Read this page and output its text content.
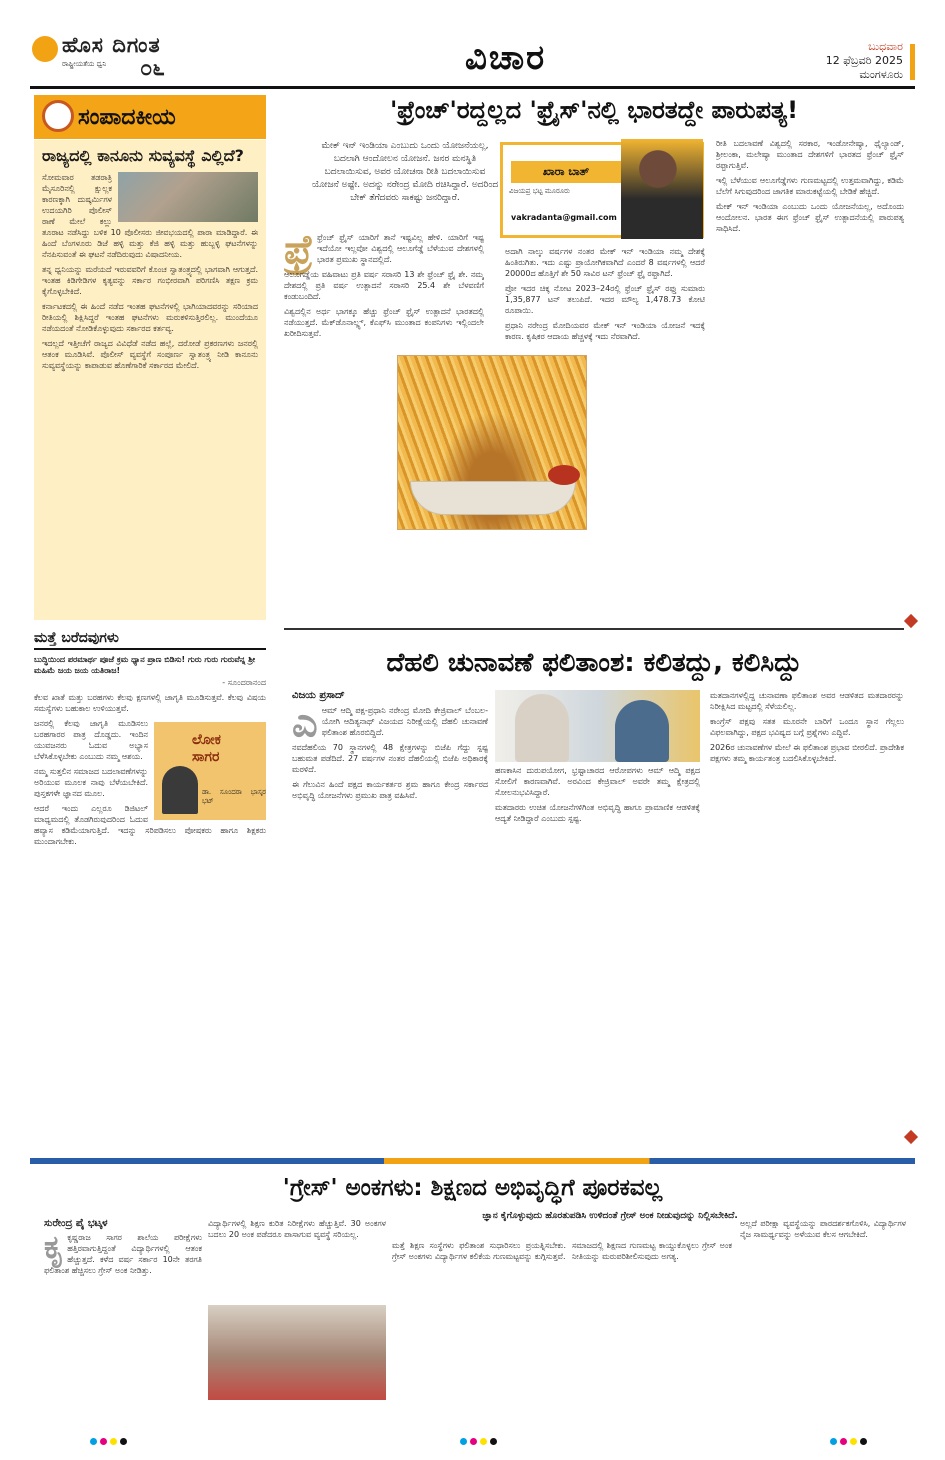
ಹೊಸ ದಿಗಂತ
ರಾಷ್ಟ್ರೀಯತೆಯ ಧ್ವನಿ ೦೬	ವಿಚಾರ	ಬುಧವಾರ
12 ಫೆಬ್ರವರಿ 2025
ಮಂಗಳೂರು
ಸಂಪಾದಕೀಯ
ರಾಜ್ಯದಲ್ಲಿ ಕಾನೂನು ಸುವ್ಯವಸ್ಥೆ ಎಲ್ಲಿದೆ?

ಸೋಮವಾರ ತಡರಾತ್ರಿ ಮೈಸೂರಿನಲ್ಲಿ ಕ್ಷುಲ್ಲಕ ಕಾರಣಕ್ಕಾಗಿ ದುಷ್ಕರ್ಮಿಗಳ ಉದಯಗಿರಿ ಪೊಲೀಸ್ ಠಾಣೆ ಮೇಲೆ ಕಲ್ಲು ತೂರಾಟ ನಡೆಸಿದ್ದು ಬಳಿಕ 10 ಪೊಲೀಸರು ಜೀವಭಯದಲ್ಲಿ ಪಾರಾ ಮಾಡಿದ್ದಾರೆ. ಈ ಹಿಂದೆ ಬೆಂಗಳೂರು ಡಿಜೆ ಹಳ್ಳಿ ಮತ್ತು ಕೆಜಿ ಹಳ್ಳಿ ಮತ್ತು ಹುಬ್ಬಳ್ಳಿ ಘಟನೆಗಳನ್ನು ನೆನಪಿಸುವಂತೆ ಈ ಘಟನೆ ನಡೆದಿರುವುದು ವಿಷಾದನೀಯ.

ತನ್ನ ಧ್ವನಿಯನ್ನು ಮರೆಯದೆ ಇರುವವರಿಗೆ ಕೊಂಚ ಸ್ವಾತಂತ್ರ್ಯದಲ್ಲಿ ಭಾಗವಾಗಿ ಆಗುತ್ತದೆ. ಇಂತಹ ಕಿಡಿಗೇಡಿಗಳ ಕೃತ್ಯವನ್ನು ಸರ್ಕಾರ ಗಂಭೀರವಾಗಿ ಪರಿಗಣಿಸಿ ತಕ್ಷಣ ಕ್ರಮ ಕೈಗೊಳ್ಳಬೇಕಿದೆ.

ಕರ್ನಾಟಕದಲ್ಲಿ ಈ ಹಿಂದೆ ನಡೆದ ಇಂತಹ ಘಟನೆಗಳಲ್ಲಿ ಭಾಗಿಯಾದವರನ್ನು ಸರಿಯಾದ ರೀತಿಯಲ್ಲಿ ಶಿಕ್ಷಿಸಿದ್ದರೆ ಇಂತಹ ಘಟನೆಗಳು ಮರುಕಳಿಸುತ್ತಿರಲಿಲ್ಲ. ಮುಂದೆಯೂ ನಡೆಯದಂತೆ ನೋಡಿಕೊಳ್ಳುವುದು ಸರ್ಕಾರದ ಕರ್ತವ್ಯ.

ಇದಲ್ಲದೆ ಇತ್ತೀಚೆಗೆ ರಾಜ್ಯದ ವಿವಿಧೆಡೆ ನಡೆದ ಹಲ್ಲೆ, ದರೋಡೆ ಪ್ರಕರಣಗಳು ಜನರಲ್ಲಿ ಆತಂಕ ಮೂಡಿಸಿವೆ. ಪೊಲೀಸ್ ವ್ಯವಸ್ಥೆಗೆ ಸಂಪೂರ್ಣ ಸ್ವಾತಂತ್ರ್ಯ ನೀಡಿ ಕಾನೂನು ಸುವ್ಯವಸ್ಥೆಯನ್ನು ಕಾಪಾಡುವ ಹೊಣೆಗಾರಿಕೆ ಸರ್ಕಾರದ ಮೇಲಿದೆ.

ಮತ್ತೆ ಬರೆದವುಗಳು
ಬುದ್ಧಿಯಿಂದ ಪರಮಾರ್ಥ ಪೂಜೆ ಕ್ರಮ ಧ್ಯಾನ ಪ್ರಾಣ ಬಿಡಿಸು! ಗುರು ಗುರು ಗುರುವೆನ್ನ ಶ್ರೀ ಮಹಿಮೆ ಜಯ ಜಯ ಯತಿರಾಜ!
- ಸೂಂದರಾನಂದ

ಕೆಲವ ಖಾತೆ ಮತ್ತು ಬರಹಗಳು ಕೆಲವು ಕ್ಷಣಗಳಲ್ಲಿ ಜಾಗೃತಿ ಮೂಡಿಸುತ್ತವೆ. ಕೆಲವು ವಿಷಯ ಸಮಸ್ಯೆಗಳು ಬಹುಕಾಲ ಉಳಿಯುತ್ತವೆ.

ಲೋಕ
ಸಾಗರ
ಡಾ. ಸೂಂದರಾ ಭಾಸ್ಕರ ಭಟ್

ಜನರಲ್ಲಿ ಕೆಲವು ಜಾಗೃತಿ ಮೂಡಿಸಲು ಬರಹಗಾರರ ಪಾತ್ರ ದೊಡ್ಡದು. ಇಂದಿನ ಯುವಜನರು ಓದುವ ಅಭ್ಯಾಸ ಬೆಳೆಸಿಕೊಳ್ಳಬೇಕು ಎಂಬುದು ನಮ್ಮ ಆಶಯ.

ನಮ್ಮ ಸುತ್ತಲಿನ ಸಮಾಜದ ಬದಲಾವಣೆಗಳನ್ನು ಅರಿಯುವ ಮೂಲಕ ನಾವು ಬೆಳೆಯಬೇಕಿದೆ. ಪುಸ್ತಕಗಳೇ ಜ್ಞಾನದ ಮೂಲ.

ಆದರೆ ಇಂದು ಎಲ್ಲರೂ ಡಿಜಿಟಲ್ ಮಾಧ್ಯಮದಲ್ಲಿ ತೊಡಗಿರುವುದರಿಂದ ಓದುವ ಹವ್ಯಾಸ ಕಡಿಮೆಯಾಗುತ್ತಿದೆ. ಇದನ್ನು ಸರಿಪಡಿಸಲು ಪೋಷಕರು ಹಾಗೂ ಶಿಕ್ಷಕರು ಮುಂದಾಗಬೇಕು.

'ಫ್ರೆಂಚ್'ರದ್ದಲ್ಲದ 'ಫ್ರೈಸ್'ನಲ್ಲಿ ಭಾರತದ್ದೇ ಪಾರುಪತ್ಯ!
ಮೇಕ್ ಇನ್ ಇಂಡಿಯಾ ಎಂಬುದು ಒಂದು ಯೋಜನೆಯಲ್ಲ, ಬದಲಾಗಿ ಆಂದೋಲನ ಯೋಜನೆ. ಜನರ ಮನಸ್ಥಿತಿ ಬದಲಾಯಿಸುವ, ಅವರ ಯೋಚನಾ ರೀತಿ ಬದಲಾಯಿಸುವ ಯೋಜನೆ ಅಷ್ಟೇ. ಅದನ್ನು ನರೇಂದ್ರ ಮೋದಿ ರಚಿಸಿದ್ದಾರೆ. ಅದರಿಂದ ಬೇಕ್ ತೆಗೆದವರು ಸಾಕಷ್ಟು ಜನರಿದ್ದಾರೆ.
ಖಾರಾ ಬಾತ್
ವಿಜಯಪ್ರ ಭಟ್ಟ ಮೂರೂರು
vakradanta@gmail.com
ಫ್ರೆ ಫ್ರೆಂಚ್ ಫ್ರೈಸ್ ಯಾರಿಗೆ ತಾನೆ ಇಷ್ಟವಿಲ್ಲ ಹೇಳಿ. ಯಾರಿಗೆ ಇಷ್ಟ ಇದೆಯೋ ಇಲ್ಲವೋ ವಿಶ್ವದಲ್ಲಿ ಆಲೂಗೆಡ್ಡೆ ಬೆಳೆಯುವ ದೇಶಗಳಲ್ಲಿ ಭಾರತ ಪ್ರಮುಖ ಸ್ಥಾನದಲ್ಲಿದೆ.

ಆಲೂಗಡ್ಡೆಯ ವಹಿವಾಟು ಪ್ರತಿ ವರ್ಷ ಸರಾಸರಿ 13 ಶೇ ಫ್ರೆಂಚ್ ಫ್ರೈ ಶೇ. ನಮ್ಮ ದೇಶದಲ್ಲಿ ಪ್ರತಿ ವರ್ಷ ಉತ್ಪಾದನೆ ಸರಾಸರಿ 25.4 ಶೇ ಬೆಳವಣಿಗೆ ಕಂಡುಬಂದಿದೆ.

ವಿಶ್ವದಲ್ಲಿನ ಅರ್ಧ ಭಾಗಕ್ಕೂ ಹೆಚ್ಚು ಫ್ರೆಂಚ್ ಫ್ರೈಸ್ ಉತ್ಪಾದನೆ ಭಾರತದಲ್ಲಿ ನಡೆಯುತ್ತದೆ. ಮೆಕ್‌ಡೊನಾಲ್ಡ್ಸ್, ಕೆಎಫ್‌ಸಿ ಮುಂತಾದ ಕಂಪನಿಗಳು ಇಲ್ಲಿಂದಲೇ ಖರೀದಿಸುತ್ತವೆ.

ಅದಾಗಿ ನಾಲ್ಕು ವರ್ಷಗಳ ನಂತರ ಮೇಕ್ ಇನ್ ಇಂಡಿಯಾ ನಮ್ಮ ದೇಶಕ್ಕೆ ಹಿಂತಿರುಗಿತು. ಇದು ಎಷ್ಟು ಪ್ರಾಯೋಗಿಕವಾಗಿದೆ ಎಂದರೆ 8 ವರ್ಷಗಳಲ್ಲಿ ಆದರೆ 20000ದ ಹೊತ್ತಿಗೆ ಶೇ 50 ಸಾವಿರ ಟನ್ ಫ್ರೆಂಚ್ ಫ್ರೈ ರಫ್ತಾಗಿದೆ.

ಪ್ರೋ ಇದರ ಚಿಕ್ಕ ನೋಟ 2023–24ರಲ್ಲಿ ಫ್ರೆಂಚ್ ಫ್ರೈಸ್ ರಫ್ತು ಸುಮಾರು 1,35,877 ಟನ್ ತಲುಪಿದೆ. ಇದರ ಮೌಲ್ಯ 1,478.73 ಕೋಟಿ ರೂಪಾಯಿ.

ಪ್ರಧಾನಿ ನರೇಂದ್ರ ಮೋದಿಯವರ ಮೇಕ್ ಇನ್ ಇಂಡಿಯಾ ಯೋಜನೆ ಇದಕ್ಕೆ ಕಾರಣ. ಕೃಷಿಕರ ಆದಾಯ ಹೆಚ್ಚಳಕ್ಕೆ ಇದು ನೆರವಾಗಿದೆ.

ರೀತಿ ಬದಲಾವಣೆ ವಿಶ್ವದಲ್ಲಿ ಸರಕಾರ, ಇಂಡೋನೇಷ್ಯಾ, ಥೈಲ್ಯಾಂಡ್, ಶ್ರೀಲಂಕಾ, ಮಲೇಷ್ಯಾ ಮುಂತಾದ ದೇಶಗಳಿಗೆ ಭಾರತದ ಫ್ರೆಂಚ್ ಫ್ರೈಸ್ ರಫ್ತಾಗುತ್ತಿವೆ.

ಇಲ್ಲಿ ಬೆಳೆಯುವ ಆಲೂಗೆಡ್ಡೆಗಳು ಗುಣಮಟ್ಟದಲ್ಲಿ ಉತ್ತಮವಾಗಿದ್ದು, ಕಡಿಮೆ ಬೆಲೆಗೆ ಸಿಗುವುದರಿಂದ ಜಾಗತಿಕ ಮಾರುಕಟ್ಟೆಯಲ್ಲಿ ಬೇಡಿಕೆ ಹೆಚ್ಚಿದೆ.

ಮೇಕ್ ಇನ್ ಇಂಡಿಯಾ ಎಂಬುದು ಒಂದು ಯೋಜನೆಯಲ್ಲ, ಅದೊಂದು ಆಂದೋಲನ. ಭಾರತ ಈಗ ಫ್ರೆಂಚ್ ಫ್ರೈಸ್ ಉತ್ಪಾದನೆಯಲ್ಲಿ ಪಾರುಪತ್ಯ ಸಾಧಿಸಿದೆ.

ದೆಹಲಿ ಚುನಾವಣೆ ಫಲಿತಾಂಶ: ಕಲಿತದ್ದು, ಕಲಿಸಿದ್ದು
ವಿಜಯ ಪ್ರಸಾದ್
ಎ ಆಮ್ ಆದ್ಮಿ ಪಕ್ಷ-ಪ್ರಧಾನಿ ನರೇಂದ್ರ ಮೋದಿ ಕೇಜ್ರಿವಾಲ್ ಬೆಂಬಲ-ಯೋಗಿ ಆದಿತ್ಯನಾಥ್ ವಿಜಯದ ನಿರೀಕ್ಷೆಯಲ್ಲಿ ದೆಹಲಿ ಚುನಾವಣೆ ಫಲಿತಾಂಶ ಹೊರಬಿದ್ದಿದೆ.

ನವದೆಹಲಿಯ 70 ಸ್ಥಾನಗಳಲ್ಲಿ 48 ಕ್ಷೇತ್ರಗಳನ್ನು ಬಿಜೆಪಿ ಗೆದ್ದು ಸ್ಪಷ್ಟ ಬಹುಮತ ಪಡೆದಿದೆ. 27 ವರ್ಷಗಳ ನಂತರ ದೆಹಲಿಯಲ್ಲಿ ಬಿಜೆಪಿ ಅಧಿಕಾರಕ್ಕೆ ಮರಳಿದೆ.

ಈ ಗೆಲುವಿನ ಹಿಂದೆ ಪಕ್ಷದ ಕಾರ್ಯಕರ್ತರ ಶ್ರಮ ಹಾಗೂ ಕೇಂದ್ರ ಸರ್ಕಾರದ ಅಭಿವೃದ್ಧಿ ಯೋಜನೆಗಳು ಪ್ರಮುಖ ಪಾತ್ರ ವಹಿಸಿವೆ.

ಹಣಕಾಸಿನ ದುರುಪಯೋಗ, ಭ್ರಷ್ಟಾಚಾರದ ಆರೋಪಗಳು ಆಮ್ ಆದ್ಮಿ ಪಕ್ಷದ ಸೋಲಿಗೆ ಕಾರಣವಾಗಿವೆ. ಅರವಿಂದ ಕೇಜ್ರಿವಾಲ್ ಅವರೇ ತಮ್ಮ ಕ್ಷೇತ್ರದಲ್ಲಿ ಸೋಲನುಭವಿಸಿದ್ದಾರೆ.

ಮತದಾರರು ಉಚಿತ ಯೋಜನೆಗಳಿಗಿಂತ ಅಭಿವೃದ್ಧಿ ಹಾಗೂ ಪ್ರಾಮಾಣಿಕ ಆಡಳಿತಕ್ಕೆ ಆದ್ಯತೆ ನೀಡಿದ್ದಾರೆ ಎಂಬುದು ಸ್ಪಷ್ಟ.

ಮತದಾನಗಳಲ್ಲಿದ್ದ ಚುನಾವಣಾ ಫಲಿತಾಂಶ ಅವರ ಆಡಳಿತದ ಮತದಾರರನ್ನು ನಿರೀಕ್ಷಿಸಿದ ಮಟ್ಟದಲ್ಲಿ ಸೆಳೆಯಲಿಲ್ಲ.

ಕಾಂಗ್ರೆಸ್ ಪಕ್ಷವು ಸತತ ಮೂರನೇ ಬಾರಿಗೆ ಒಂದೂ ಸ್ಥಾನ ಗೆಲ್ಲಲು ವಿಫಲವಾಗಿದ್ದು, ಪಕ್ಷದ ಭವಿಷ್ಯದ ಬಗ್ಗೆ ಪ್ರಶ್ನೆಗಳು ಎದ್ದಿವೆ.

2026ರ ಚುನಾವಣೆಗಳ ಮೇಲೆ ಈ ಫಲಿತಾಂಶ ಪ್ರಭಾವ ಬೀರಲಿದೆ. ಪ್ರಾದೇಶಿಕ ಪಕ್ಷಗಳು ತಮ್ಮ ಕಾರ್ಯತಂತ್ರ ಬದಲಿಸಿಕೊಳ್ಳಬೇಕಿದೆ.

'ಗ್ರೇಸ್' ಅಂಕಗಳು: ಶಿಕ್ಷಣದ ಅಭಿವೃದ್ಧಿಗೆ ಪೂರಕವಲ್ಲ
ಸುರೇಂದ್ರ ಪೈ ಭಟ್ಕಳ
ಜ್ಞಾನ ಕೈಗೊಳ್ಳುವುದು ಹೊರತುಪಡಿಸಿ ಉಳಿದಂತೆ ಗ್ರೇಸ್ ಅಂಕ ನೀಡುವುದನ್ನು ನಿಲ್ಲಿಸಬೇಕಿದೆ.
ಕೃ ಕೃಷ್ಣರಾಜ ಸಾಗರ ಶಾಲೆಯ ಪರೀಕ್ಷೆಗಳು ಹತ್ತಿರವಾಗುತ್ತಿದ್ದಂತೆ ವಿದ್ಯಾರ್ಥಿಗಳಲ್ಲಿ ಆತಂಕ ಹೆಚ್ಚುತ್ತದೆ. ಕಳೆದ ವರ್ಷ ಸರ್ಕಾರ 10ನೇ ತರಗತಿ ಫಲಿತಾಂಶ ಹೆಚ್ಚಿಸಲು ಗ್ರೇಸ್ ಅಂಕ ನೀಡಿತ್ತು.

ವಿದ್ಯಾರ್ಥಿಗಳಲ್ಲಿ ಶಿಕ್ಷಣ ಕುರಿತ ನಿರೀಕ್ಷೆಗಳು ಹೆಚ್ಚುತ್ತಿವೆ. 30 ಅಂಕಗಳ ಬದಲು 20 ಅಂಕ ಪಡೆದರೂ ಪಾಸಾಗುವ ವ್ಯವಸ್ಥೆ ಸರಿಯಲ್ಲ.

ಮತ್ತೆ ಶಿಕ್ಷಣ ಸಂಸ್ಥೆಗಳು ಫಲಿತಾಂಶ ಸುಧಾರಿಸಲು ಪ್ರಯತ್ನಿಸಬೇಕು. ಗ್ರೇಸ್ ಅಂಕಗಳು ವಿದ್ಯಾರ್ಥಿಗಳ ಕಲಿಕೆಯ ಗುಣಮಟ್ಟವನ್ನು ಕುಗ್ಗಿಸುತ್ತವೆ.

ಸಮಾಜದಲ್ಲಿ ಶಿಕ್ಷಣದ ಗುಣಮಟ್ಟ ಕಾಯ್ದುಕೊಳ್ಳಲು ಗ್ರೇಸ್ ಅಂಕ ನೀತಿಯನ್ನು ಮರುಪರಿಶೀಲಿಸುವುದು ಅಗತ್ಯ.

ಅಲ್ಲದೆ ಪರೀಕ್ಷಾ ವ್ಯವಸ್ಥೆಯನ್ನು ಪಾರದರ್ಶಕಗೊಳಿಸಿ, ವಿದ್ಯಾರ್ಥಿಗಳ ನೈಜ ಸಾಮರ್ಥ್ಯವನ್ನು ಅಳೆಯುವ ಕೆಲಸ ಆಗಬೇಕಿದೆ.
